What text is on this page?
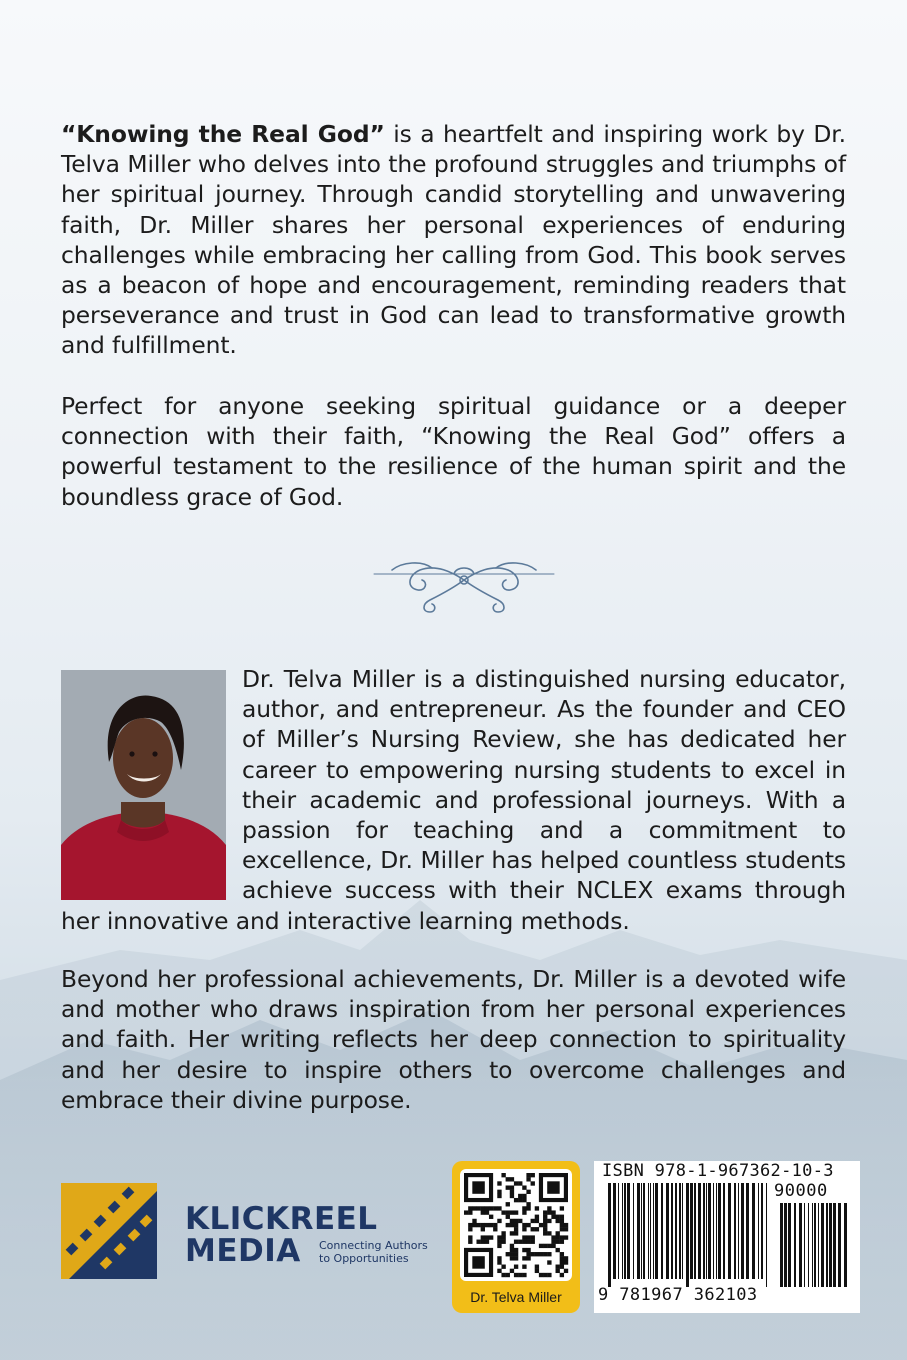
“Knowing the Real God” is a heartfelt and inspiring work by Dr. Telva Miller who delves into the profound struggles and triumphs of her spiritual journey. Through candid storytelling and unwavering faith, Dr. Miller shares her personal experiences of enduring challenges while embracing her calling from God. This book serves as a beacon of hope and encouragement, reminding readers that perseverance and trust in God can lead to transformative growth and fulfillment.

Perfect for anyone seeking spiritual guidance or a deeper connection with their faith, “Knowing the Real God” offers a powerful testament to the resilience of the human spirit and the boundless grace of God.

Dr. Telva Miller is a distinguished nursing educator, author, and entrepreneur. As the founder and CEO of Miller’s Nursing Review, she has dedicated her career to empowering nursing students to excel in their academic and professional journeys. With a passion for teaching and a commitment to excellence, Dr. Miller has helped countless students achieve success with their NCLEX exams through her innovative and interactive learning methods.

Beyond her professional achievements, Dr. Miller is a devoted wife and mother who draws inspiration from her personal experiences and faith. Her writing reflects her deep connection to spirituality and her desire to inspire others to overcome challenges and embrace their divine purpose.

KLICKREEL
MEDIA	Connecting Authors
to Opportunities
Dr. Telva Miller
ISBN 978-1-967362-10-3
90000
9 781967 362103
